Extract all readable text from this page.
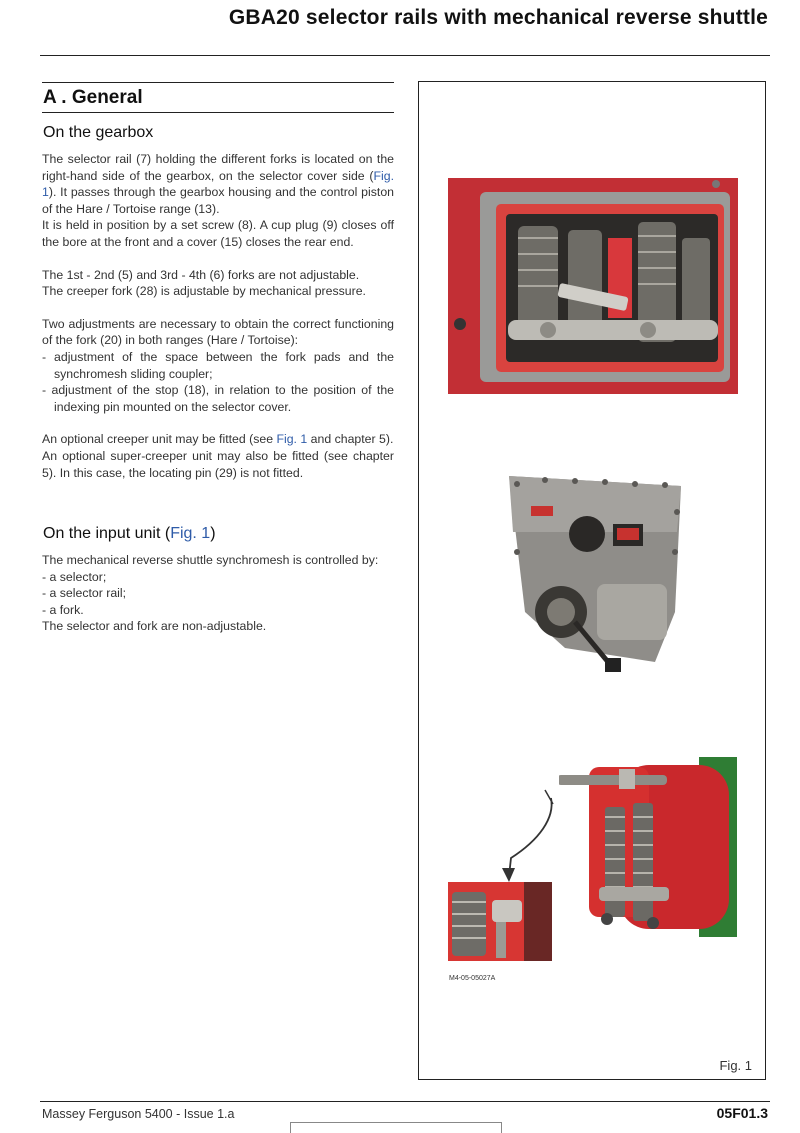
GBA20 selector rails with mechanical reverse shuttle
A . General
On the gearbox

The selector rail (7) holding the different forks is located on the right-hand side of the gearbox, on the selector cover side (Fig. 1). It passes through the gearbox housing and the control piston of the Hare / Tortoise range (13).

It is held in position by a set screw (8). A cup plug (9) closes off the bore at the front and a cover (15) closes the rear end.

The 1st - 2nd (5) and 3rd - 4th (6) forks are not adjustable.

The creeper fork (28) is adjustable by mechanical pressure.

Two adjustments are necessary to obtain the correct functioning of the fork (20) in both ranges (Hare / Tortoise):

- adjustment of the space between the fork pads and the synchromesh sliding coupler;

- adjustment of the stop (18), in relation to the position of the indexing pin mounted on the selector cover.

An optional creeper unit may be fitted (see Fig. 1 and chapter 5).

An optional super-creeper unit may also be fitted (see chapter 5). In this case, the locating pin (29) is not fitted.

On the input unit (Fig. 1)

The mechanical reverse shuttle synchromesh is controlled by:

- a selector;

- a selector rail;

- a fork.

The selector and fork are non-adjustable.

M4-05-05027A
Fig. 1
Massey Ferguson 5400 - Issue 1.a	05F01.3
